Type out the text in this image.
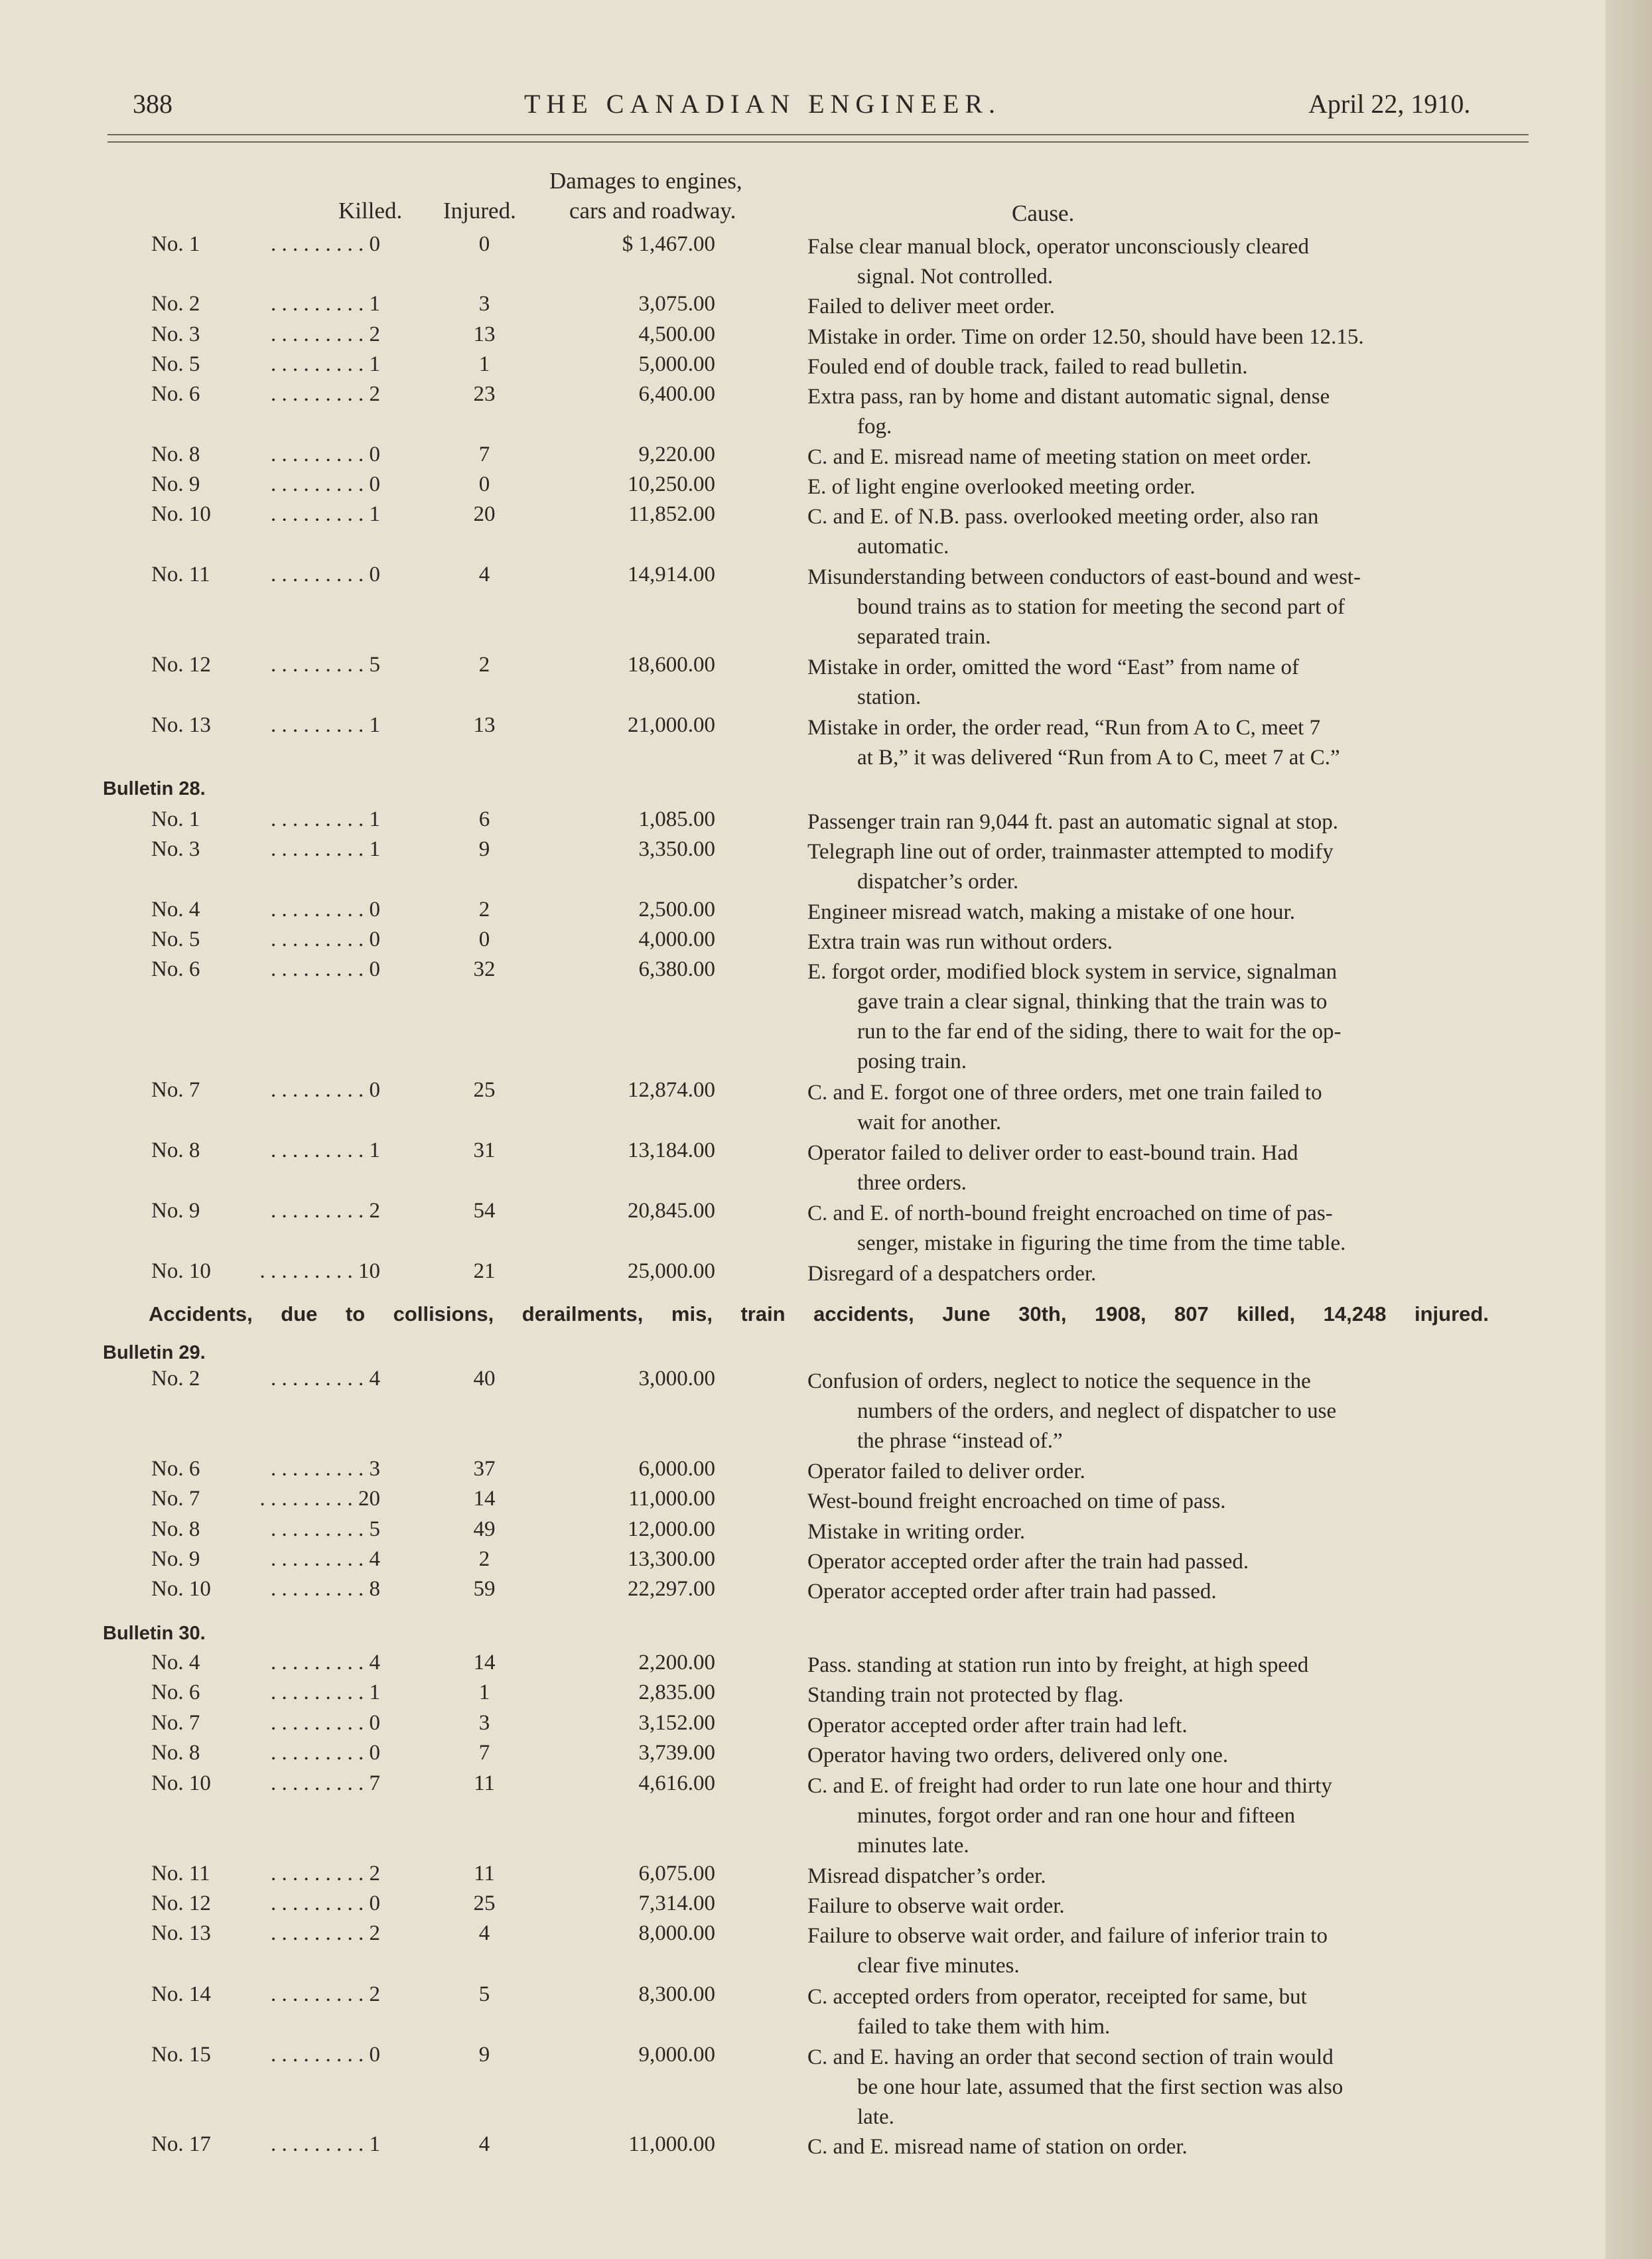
388	THE CANADIAN ENGINEER.	April 22, 1910.
Damages to engines,
Killed. Injured. cars and roadway.	Cause.
Bulletin 28.
Bulletin 29.
Bulletin 30.
Accidents, due to collisions, derailments, mis, train accidents, June 30th, 1908, 807 killed, 14,248 injured.
No. 1	. . . . . . . . . 0	0	$ 1,467.00	False clear manual block, operator unconsciously cleared
signal. Not controlled.
No. 2	. . . . . . . . . 1	3	3,075.00	Failed to deliver meet order.
No. 3	. . . . . . . . . 2	13	4,500.00	Mistake in order. Time on order 12.50, should have been 12.15.
No. 5	. . . . . . . . . 1	1	5,000.00	Fouled end of double track, failed to read bulletin.
No. 6	. . . . . . . . . 2	23	6,400.00	Extra pass, ran by home and distant automatic signal, dense
fog.
No. 8	. . . . . . . . . 0	7	9,220.00	C. and E. misread name of meeting station on meet order.
No. 9	. . . . . . . . . 0	0	10,250.00	E. of light engine overlooked meeting order.
No. 10	. . . . . . . . . 1	20	11,852.00	C. and E. of N.B. pass. overlooked meeting order, also ran
automatic.
No. 11	. . . . . . . . . 0	4	14,914.00	Misunderstanding between conductors of east-bound and west-
bound trains as to station for meeting the second part of
separated train.
No. 12	. . . . . . . . . 5	2	18,600.00	Mistake in order, omitted the word “East” from name of
station.
No. 13	. . . . . . . . . 1	13	21,000.00	Mistake in order, the order read, “Run from A to C, meet 7
at B,” it was delivered “Run from A to C, meet 7 at C.”
No. 1	. . . . . . . . . 1	6	1,085.00	Passenger train ran 9,044 ft. past an automatic signal at stop.
No. 3	. . . . . . . . . 1	9	3,350.00	Telegraph line out of order, trainmaster attempted to modify
dispatcher’s order.
No. 4	. . . . . . . . . 0	2	2,500.00	Engineer misread watch, making a mistake of one hour.
No. 5	. . . . . . . . . 0	0	4,000.00	Extra train was run without orders.
No. 6	. . . . . . . . . 0	32	6,380.00	E. forgot order, modified block system in service, signalman
gave train a clear signal, thinking that the train was to
run to the far end of the siding, there to wait for the op-
posing train.
No. 7	. . . . . . . . . 0	25	12,874.00	C. and E. forgot one of three orders, met one train failed to
wait for another.
No. 8	. . . . . . . . . 1	31	13,184.00	Operator failed to deliver order to east-bound train. Had
three orders.
No. 9	. . . . . . . . . 2	54	20,845.00	C. and E. of north-bound freight encroached on time of pas-
senger, mistake in figuring the time from the time table.
No. 10	. . . . . . . . . 10	21	25,000.00	Disregard of a despatchers order.
No. 2	. . . . . . . . . 4	40	3,000.00	Confusion of orders, neglect to notice the sequence in the
numbers of the orders, and neglect of dispatcher to use
the phrase “instead of.”
No. 6	. . . . . . . . . 3	37	6,000.00	Operator failed to deliver order.
No. 7	. . . . . . . . . 20	14	11,000.00	West-bound freight encroached on time of pass.
No. 8	. . . . . . . . . 5	49	12,000.00	Mistake in writing order.
No. 9	. . . . . . . . . 4	2	13,300.00	Operator accepted order after the train had passed.
No. 10	. . . . . . . . . 8	59	22,297.00	Operator accepted order after train had passed.
No. 4	. . . . . . . . . 4	14	2,200.00	Pass. standing at station run into by freight, at high speed
No. 6	. . . . . . . . . 1	1	2,835.00	Standing train not protected by flag.
No. 7	. . . . . . . . . 0	3	3,152.00	Operator accepted order after train had left.
No. 8	. . . . . . . . . 0	7	3,739.00	Operator having two orders, delivered only one.
No. 10	. . . . . . . . . 7	11	4,616.00	C. and E. of freight had order to run late one hour and thirty
minutes, forgot order and ran one hour and fifteen
minutes late.
No. 11	. . . . . . . . . 2	11	6,075.00	Misread dispatcher’s order.
No. 12	. . . . . . . . . 0	25	7,314.00	Failure to observe wait order.
No. 13	. . . . . . . . . 2	4	8,000.00	Failure to observe wait order, and failure of inferior train to
clear five minutes.
No. 14	. . . . . . . . . 2	5	8,300.00	C. accepted orders from operator, receipted for same, but
failed to take them with him.
No. 15	. . . . . . . . . 0	9	9,000.00	C. and E. having an order that second section of train would
be one hour late, assumed that the first section was also
late.
No. 17	. . . . . . . . . 1	4	11,000.00	C. and E. misread name of station on order.
